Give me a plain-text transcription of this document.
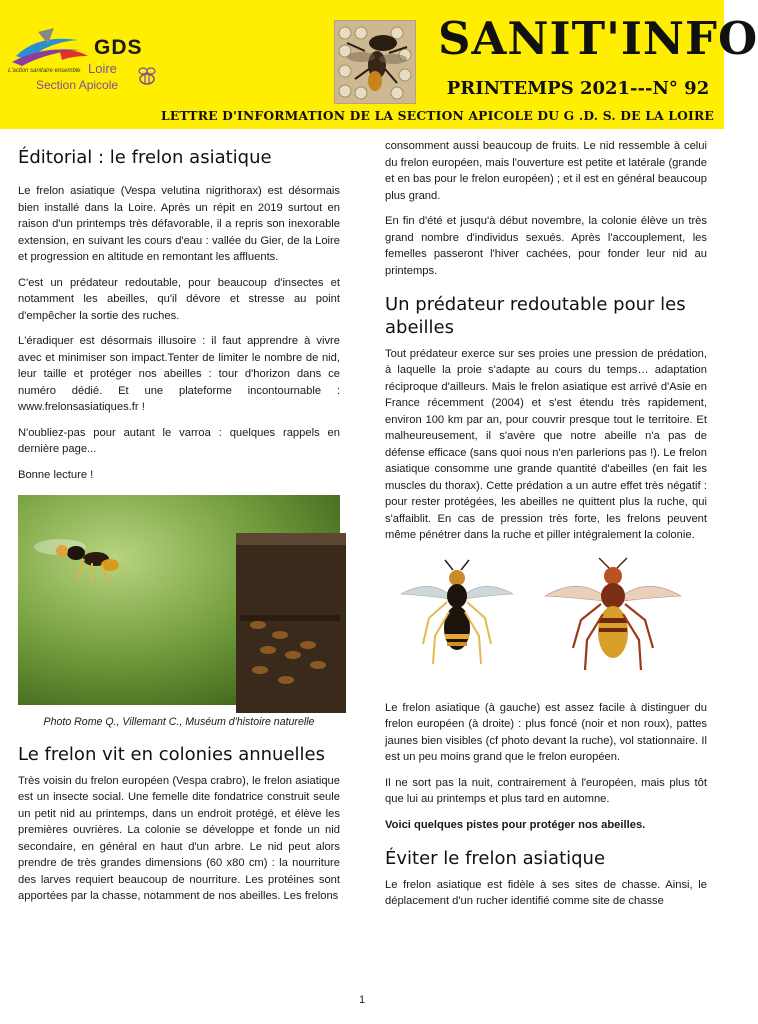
GDS
L'action sanitaire ensemble Loire
Section Apicole
SANIT'INFO
PRINTEMPS 2021---N° 92
LETTRE D'INFORMATION DE LA SECTION APICOLE DU G .D. S. DE LA LOIRE
Éditorial : le frelon asiatique

Le frelon asiatique (Vespa velutina nigrithorax) est désormais bien installé dans la Loire. Après un répit en 2019 surtout en raison d'un printemps très défavorable, il a repris son inexorable extension, en suivant les cours d'eau : vallée du Gier, de la Loire et progression en altitude en remontant les affluents.

C'est un prédateur redoutable, pour beaucoup d'insectes et notamment les abeilles, qu'il dévore et stresse au point d'empêcher la sortie des ruches.

L'éradiquer est désormais illusoire : il faut apprendre à vivre avec et minimiser son impact.Tenter de limiter le nombre de nid, leur taille et protéger nos abeilles : tour d'horizon dans ce numéro dédié. Et une plateforme incontournable : www.frelonsasiatiques.fr !

N'oubliez-pas pour autant le varroa : quelques rappels en dernière page...

Bonne lecture !

Photo Rome Q., Villemant C., Muséum d'histoire naturelle
Le frelon vit en colonies annuelles

Très voisin du frelon européen (Vespa crabro), le frelon asiatique est un insecte social. Une femelle dite fondatrice construit seule un petit nid au printemps, dans un endroit protégé, et élève les premières ouvrières. La colonie se développe et fonde un nid secondaire, en général en haut d'un arbre. Le nid peut alors prendre de très grandes dimensions (60 x80 cm) : la nourriture des larves requiert beaucoup de nourriture. Les protéines sont apportées par la chasse, notamment de nos abeilles. Les frelons

consomment aussi beaucoup de fruits. Le nid ressemble à celui du frelon européen, mais l'ouverture est petite et latérale (grande et en bas pour le frelon européen) ; et il est en général beaucoup plus grand.

En fin d'été et jusqu'à début novembre, la colonie élève un très grand nombre d'individus sexués. Après l'accouplement, les femelles passeront l'hiver cachées, pour fonder leur nid au printemps.

Un prédateur redoutable pour les abeilles

Tout prédateur exerce sur ses proies une pression de prédation, à laquelle la proie s'adapte au cours du temps… adaptation réciproque d'ailleurs. Mais le frelon asiatique est arrivé d'Asie en France récemment (2004) et s'est étendu très rapidement, environ 100 km par an, pour couvrir presque tout le territoire. Et malheureusement, il s'avère que notre abeille n'a pas de défense efficace (sans quoi nous n'en parlerions pas !). Le frelon asiatique consomme une grande quantité d'abeilles (en fait les muscles du thorax). Cette prédation a un autre effet très négatif : pour rester protégées, les abeilles ne quittent plus la ruche, qui s'affaiblit. En cas de pression très forte, les frelons peuvent même pénétrer dans la ruche et piller intégralement la colonie.

Le frelon asiatique (à gauche) est assez facile à distinguer du frelon européen (à droite) : plus foncé (noir et non roux), pattes jaunes bien visibles (cf photo devant la ruche), vol stationnaire. Il est un peu moins grand que le frelon européen.

Il ne sort pas la nuit, contrairement à l'européen, mais plus tôt que lui au printemps et plus tard en automne.

Voici quelques pistes pour protéger nos abeilles.

Éviter le frelon asiatique

Le frelon asiatique est fidèle à ses sites de chasse. Ainsi, le déplacement d'un rucher identifié comme site de chasse

1
